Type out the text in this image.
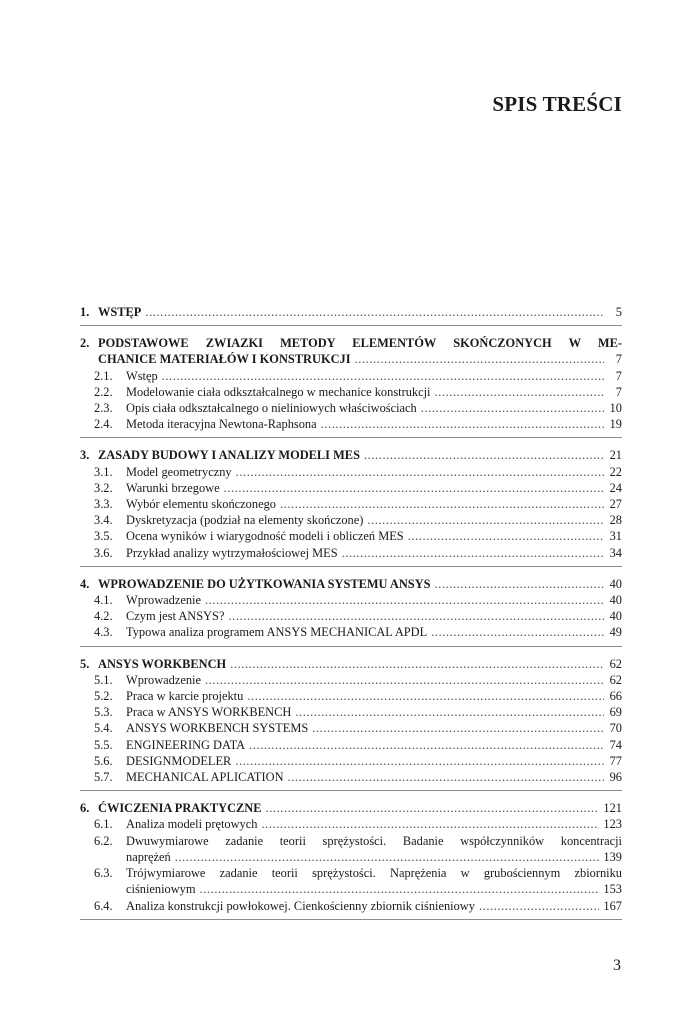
SPIS TREŚCI
1. WSTĘP .....	5
2. PODSTAWOWE ZWIAZKI METODY ELEMENTÓW SKOŃCZONYCH W ME-
CHANICE MATERIAŁÓW I KONSTRUKCJI .....	7
2.1.	Wstęp .....	7
2.2.	Modelowanie ciała odkształcalnego w mechanice konstrukcji .....	7
2.3.	Opis ciała odkształcalnego o nieliniowych właściwościach .....	10
2.4.	Metoda iteracyjna Newtona-Raphsona .....	19
3. ZASADY BUDOWY I ANALIZY MODELI MES .....	21
3.1.	Model geometryczny .....	22
3.2.	Warunki brzegowe .....	24
3.3.	Wybór elementu skończonego .....	27
3.4.	Dyskretyzacja (podział na elementy skończone) .....	28
3.5.	Ocena wyników i wiarygodność modeli i obliczeń MES .....	31
3.6.	Przykład analizy wytrzymałościowej MES .....	34
4. WPROWADZENIE DO UŻYTKOWANIA SYSTEMU ANSYS .....	40
4.1.	Wprowadzenie .....	40
4.2.	Czym jest ANSYS? .....	40
4.3.	Typowa analiza programem ANSYS MECHANICAL APDL .....	49
5. ANSYS WORKBENCH .....	62
5.1.	Wprowadzenie .....	62
5.2.	Praca w karcie projektu .....	66
5.3.	Praca w ANSYS WORKBENCH .....	69
5.4.	ANSYS WORKBENCH SYSTEMS .....	70
5.5.	ENGINEERING DATA .....	74
5.6.	DESIGNMODELER .....	77
5.7.	MECHANICAL APLICATION .....	96
6. ĆWICZENIA PRAKTYCZNE .....	121
6.1.	Analiza modeli prętowych .....	123
6.2.	Dwuwymiarowe zadanie teorii sprężystości. Badanie współczynników koncentracji
naprężeń .....	139
6.3.	Trójwymiarowe zadanie teorii sprężystości. Naprężenia w grubościennym zbiorniku
ciśnieniowym .....	153
6.4.	Analiza konstrukcji powłokowej. Cienkościenny zbiornik ciśnieniowy .....	167
3
